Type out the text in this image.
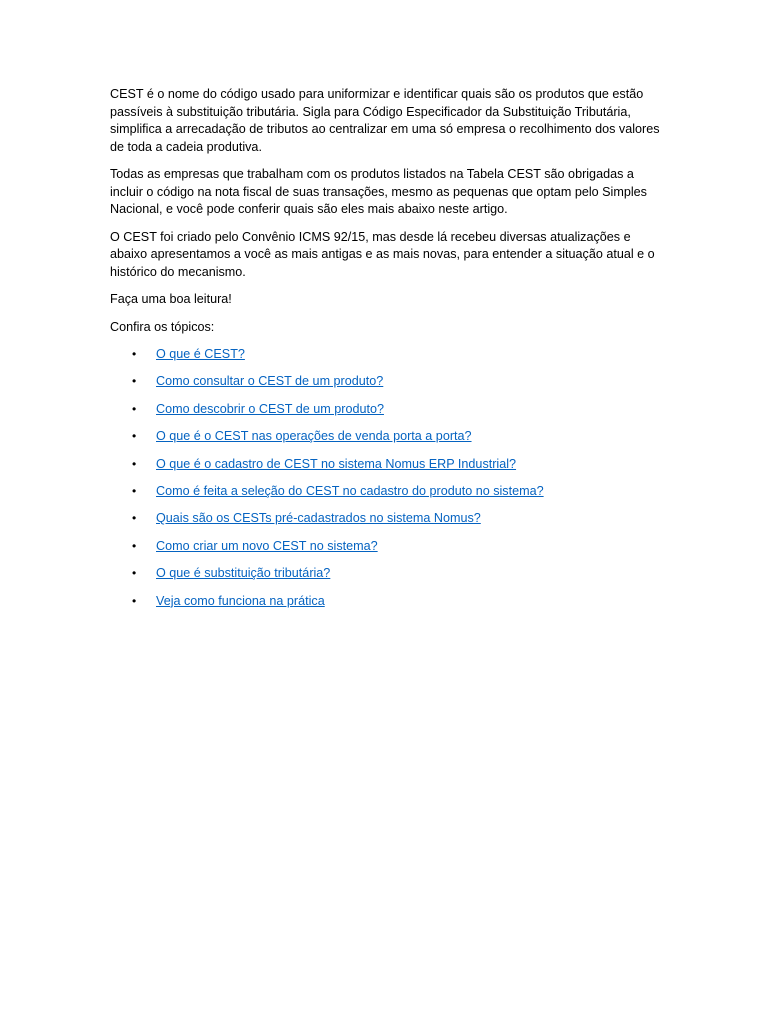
CEST é o nome do código usado para uniformizar e identificar quais são os produtos que estão passíveis à substituição tributária. Sigla para Código Especificador da Substituição Tributária, simplifica a arrecadação de tributos ao centralizar em uma só empresa o recolhimento dos valores de toda a cadeia produtiva.

Todas as empresas que trabalham com os produtos listados na Tabela CEST são obrigadas a incluir o código na nota fiscal de suas transações, mesmo as pequenas que optam pelo Simples Nacional, e você pode conferir quais são eles mais abaixo neste artigo.

O CEST foi criado pelo Convênio ICMS 92/15, mas desde lá recebeu diversas atualizações e abaixo apresentamos a você as mais antigas e as mais novas, para entender a situação atual e o histórico do mecanismo.

Faça uma boa leitura!

Confira os tópicos:

• O que é CEST?
• Como consultar o CEST de um produto?
• Como descobrir o CEST de um produto?
• O que é o CEST nas operações de venda porta a porta?
• O que é o cadastro de CEST no sistema Nomus ERP Industrial?
• Como é feita a seleção do CEST no cadastro do produto no sistema?
• Quais são os CESTs pré-cadastrados no sistema Nomus?
• Como criar um novo CEST no sistema?
• O que é substituição tributária?
• Veja como funciona na prática
